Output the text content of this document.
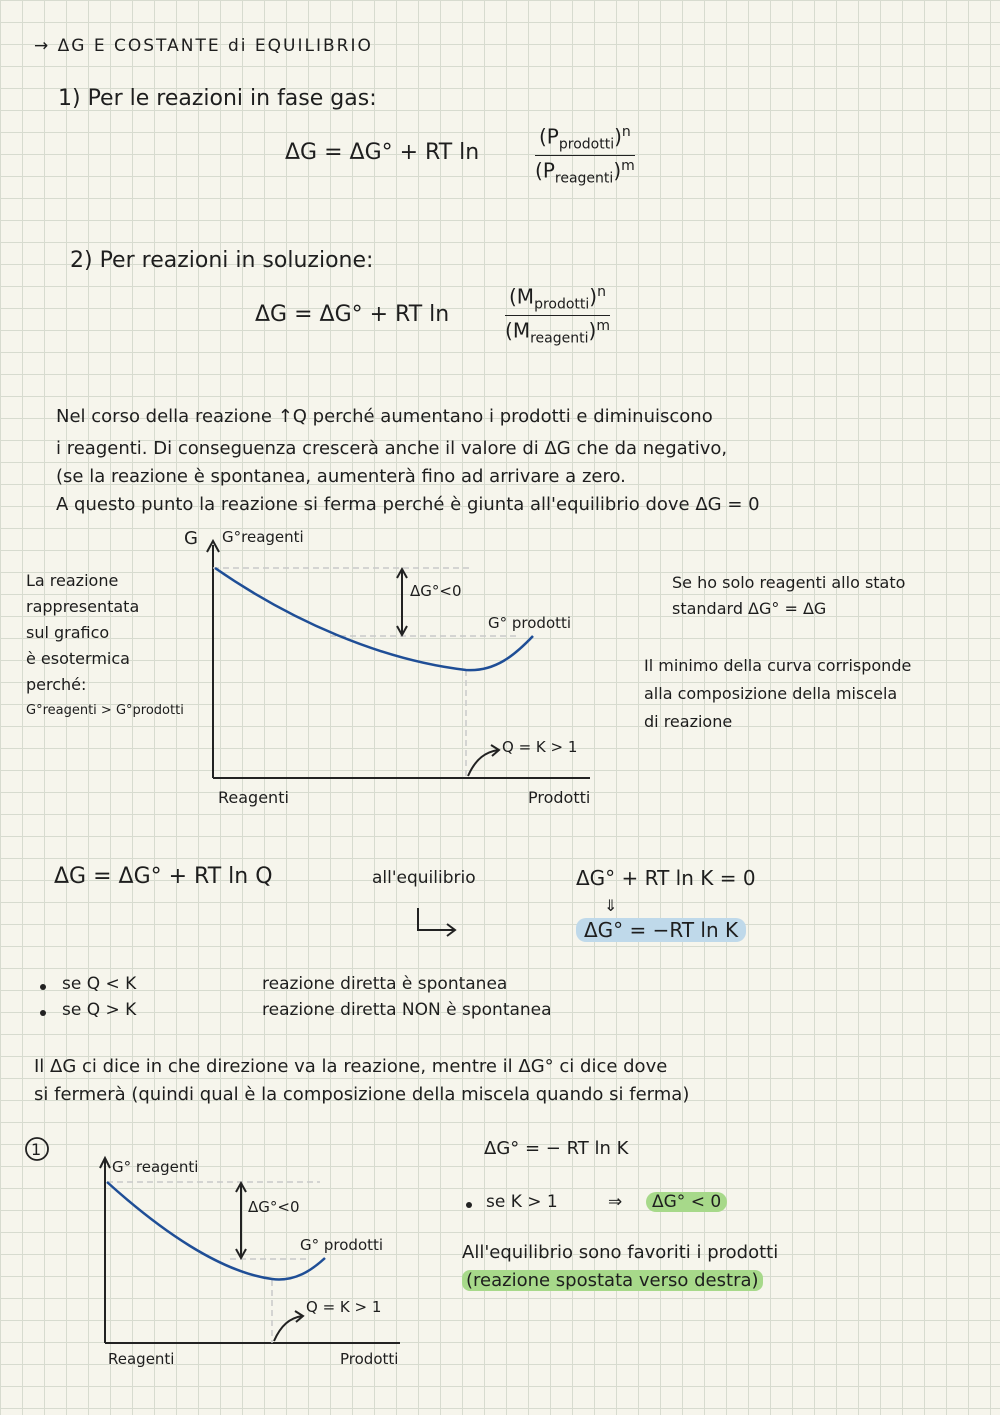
→ ΔG E COSTANTE di EQUILIBRIO
1) Per le reazioni in fase gas:
ΔG = ΔG° + RT ln
$(P_{prodotti})^n$
$(P_{reagenti})^m$
2) Per reazioni in soluzione:
ΔG = ΔG° + RT ln
$(M_{prodotti})^n$
$(M_{reagenti})^m$
Nel corso della reazione ↑Q perché aumentano i prodotti e diminuiscono
i reagenti. Di conseguenza crescerà anche il valore di ΔG che da negativo,
(se la reazione è spontanea, aumenterà fino ad arrivare a zero.
A questo punto la reazione si ferma perché è giunta all'equilibrio dove ΔG = 0
G G°reagenti
ΔG°<0
G° prodotti
Q = K > 1
Reagenti	Prodotti
La reazione
rappresentata
sul grafico
è esotermica
perché:
G°reagenti > G°prodotti
Se ho solo reagenti allo stato
standard ΔG° = ΔG
Il minimo della curva corrisponde
alla composizione della miscela
di reazione
ΔG = ΔG° + RT ln Q	all'equilibrio	ΔG° + RT ln K = 0
⇓
ΔG° = −RT ln K
se Q < K	reazione diretta è spontanea
se Q > K	reazione diretta NON è spontanea
Il ΔG ci dice in che direzione va la reazione, mentre il ΔG° ci dice dove
si fermerà (quindi qual è la composizione della miscela quando si ferma)
1
G° reagenti
ΔG°<0
G° prodotti
Q = K > 1
Reagenti	Prodotti
ΔG° = − RT ln K
se K > 1	⇒	ΔG° < 0
All'equilibrio sono favoriti i prodotti
(reazione spostata verso destra)
